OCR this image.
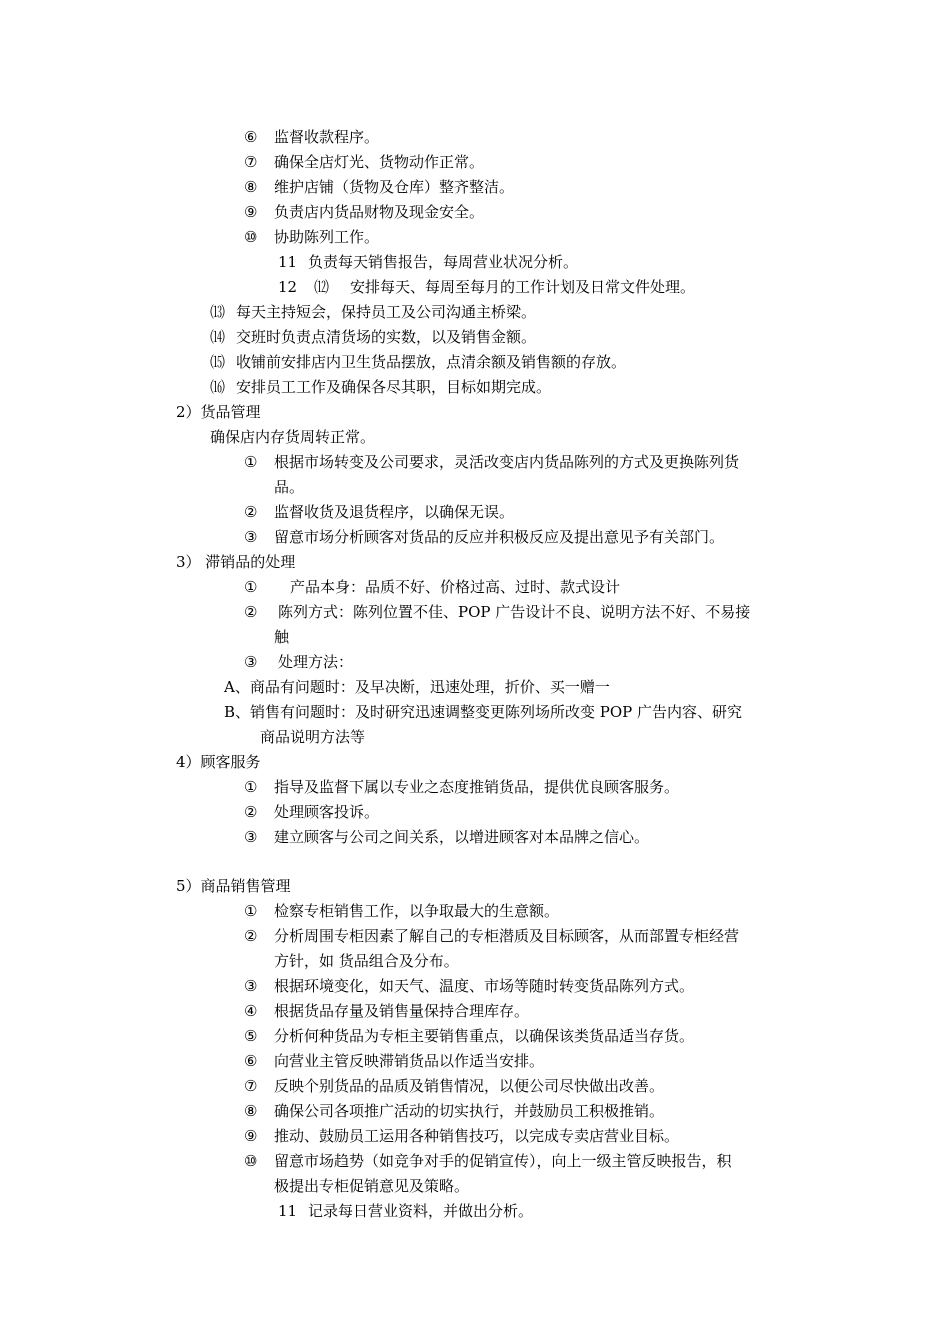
⑥ 监督收款程序。
⑦ 确保全店灯光、货物动作正常。
⑧ 维护店铺（货物及仓库）整齐整洁。
⑨ 负责店内货品财物及现金安全。
⑩ 协助陈列工作。
11 负责每天销售报告，每周营业状况分析。
12 ⑿ 安排每天、每周至每月的工作计划及日常文件处理。
⒀ 每天主持短会，保持员工及公司沟通主桥梁。
⒁ 交班时负责点清货场的实数，以及销售金额。
⒂ 收铺前安排店内卫生货品摆放，点清余额及销售额的存放。
⒃ 安排员工工作及确保各尽其职，目标如期完成。
2）货品管理
确保店内存货周转正常。
① 根据市场转变及公司要求，灵活改变店内货品陈列的方式及更换陈列货
品。
② 监督收货及退货程序，以确保无误。
③ 留意市场分析顾客对货品的反应并积极反应及提出意见予有关部门。
3） 滞销品的处理
① 产品本身：品质不好、价格过高、过时、款式设计
② 陈列方式：陈列位置不佳、POP 广告设计不良、说明方法不好、不易接
触
③ 处理方法：
A、商品有问题时：及早决断，迅速处理，折价、买一赠一
B、销售有问题时：及时研究迅速调整变更陈列场所改变 POP 广告内容、研究
商品说明方法等
4）顾客服务
① 指导及监督下属以专业之态度推销货品，提供优良顾客服务。
② 处理顾客投诉。
③ 建立顾客与公司之间关系，以增进顾客对本品牌之信心。
5）商品销售管理
① 检察专柜销售工作，以争取最大的生意额。
② 分析周围专柜因素了解自己的专柜潜质及目标顾客，从而部置专柜经营
方针，如 货品组合及分布。
③ 根据环境变化，如天气、温度、市场等随时转变货品陈列方式。
④ 根据货品存量及销售量保持合理库存。
⑤ 分析何种货品为专柜主要销售重点，以确保该类货品适当存货。
⑥ 向营业主管反映滞销货品以作适当安排。
⑦ 反映个别货品的品质及销售情况，以便公司尽快做出改善。
⑧ 确保公司各项推广活动的切实执行，并鼓励员工积极推销。
⑨ 推动、鼓励员工运用各种销售技巧，以完成专卖店营业目标。
⑩ 留意市场趋势（如竞争对手的促销宣传），向上一级主管反映报告，积
极提出专柜促销意见及策略。
11 记录每日营业资料，并做出分析。
